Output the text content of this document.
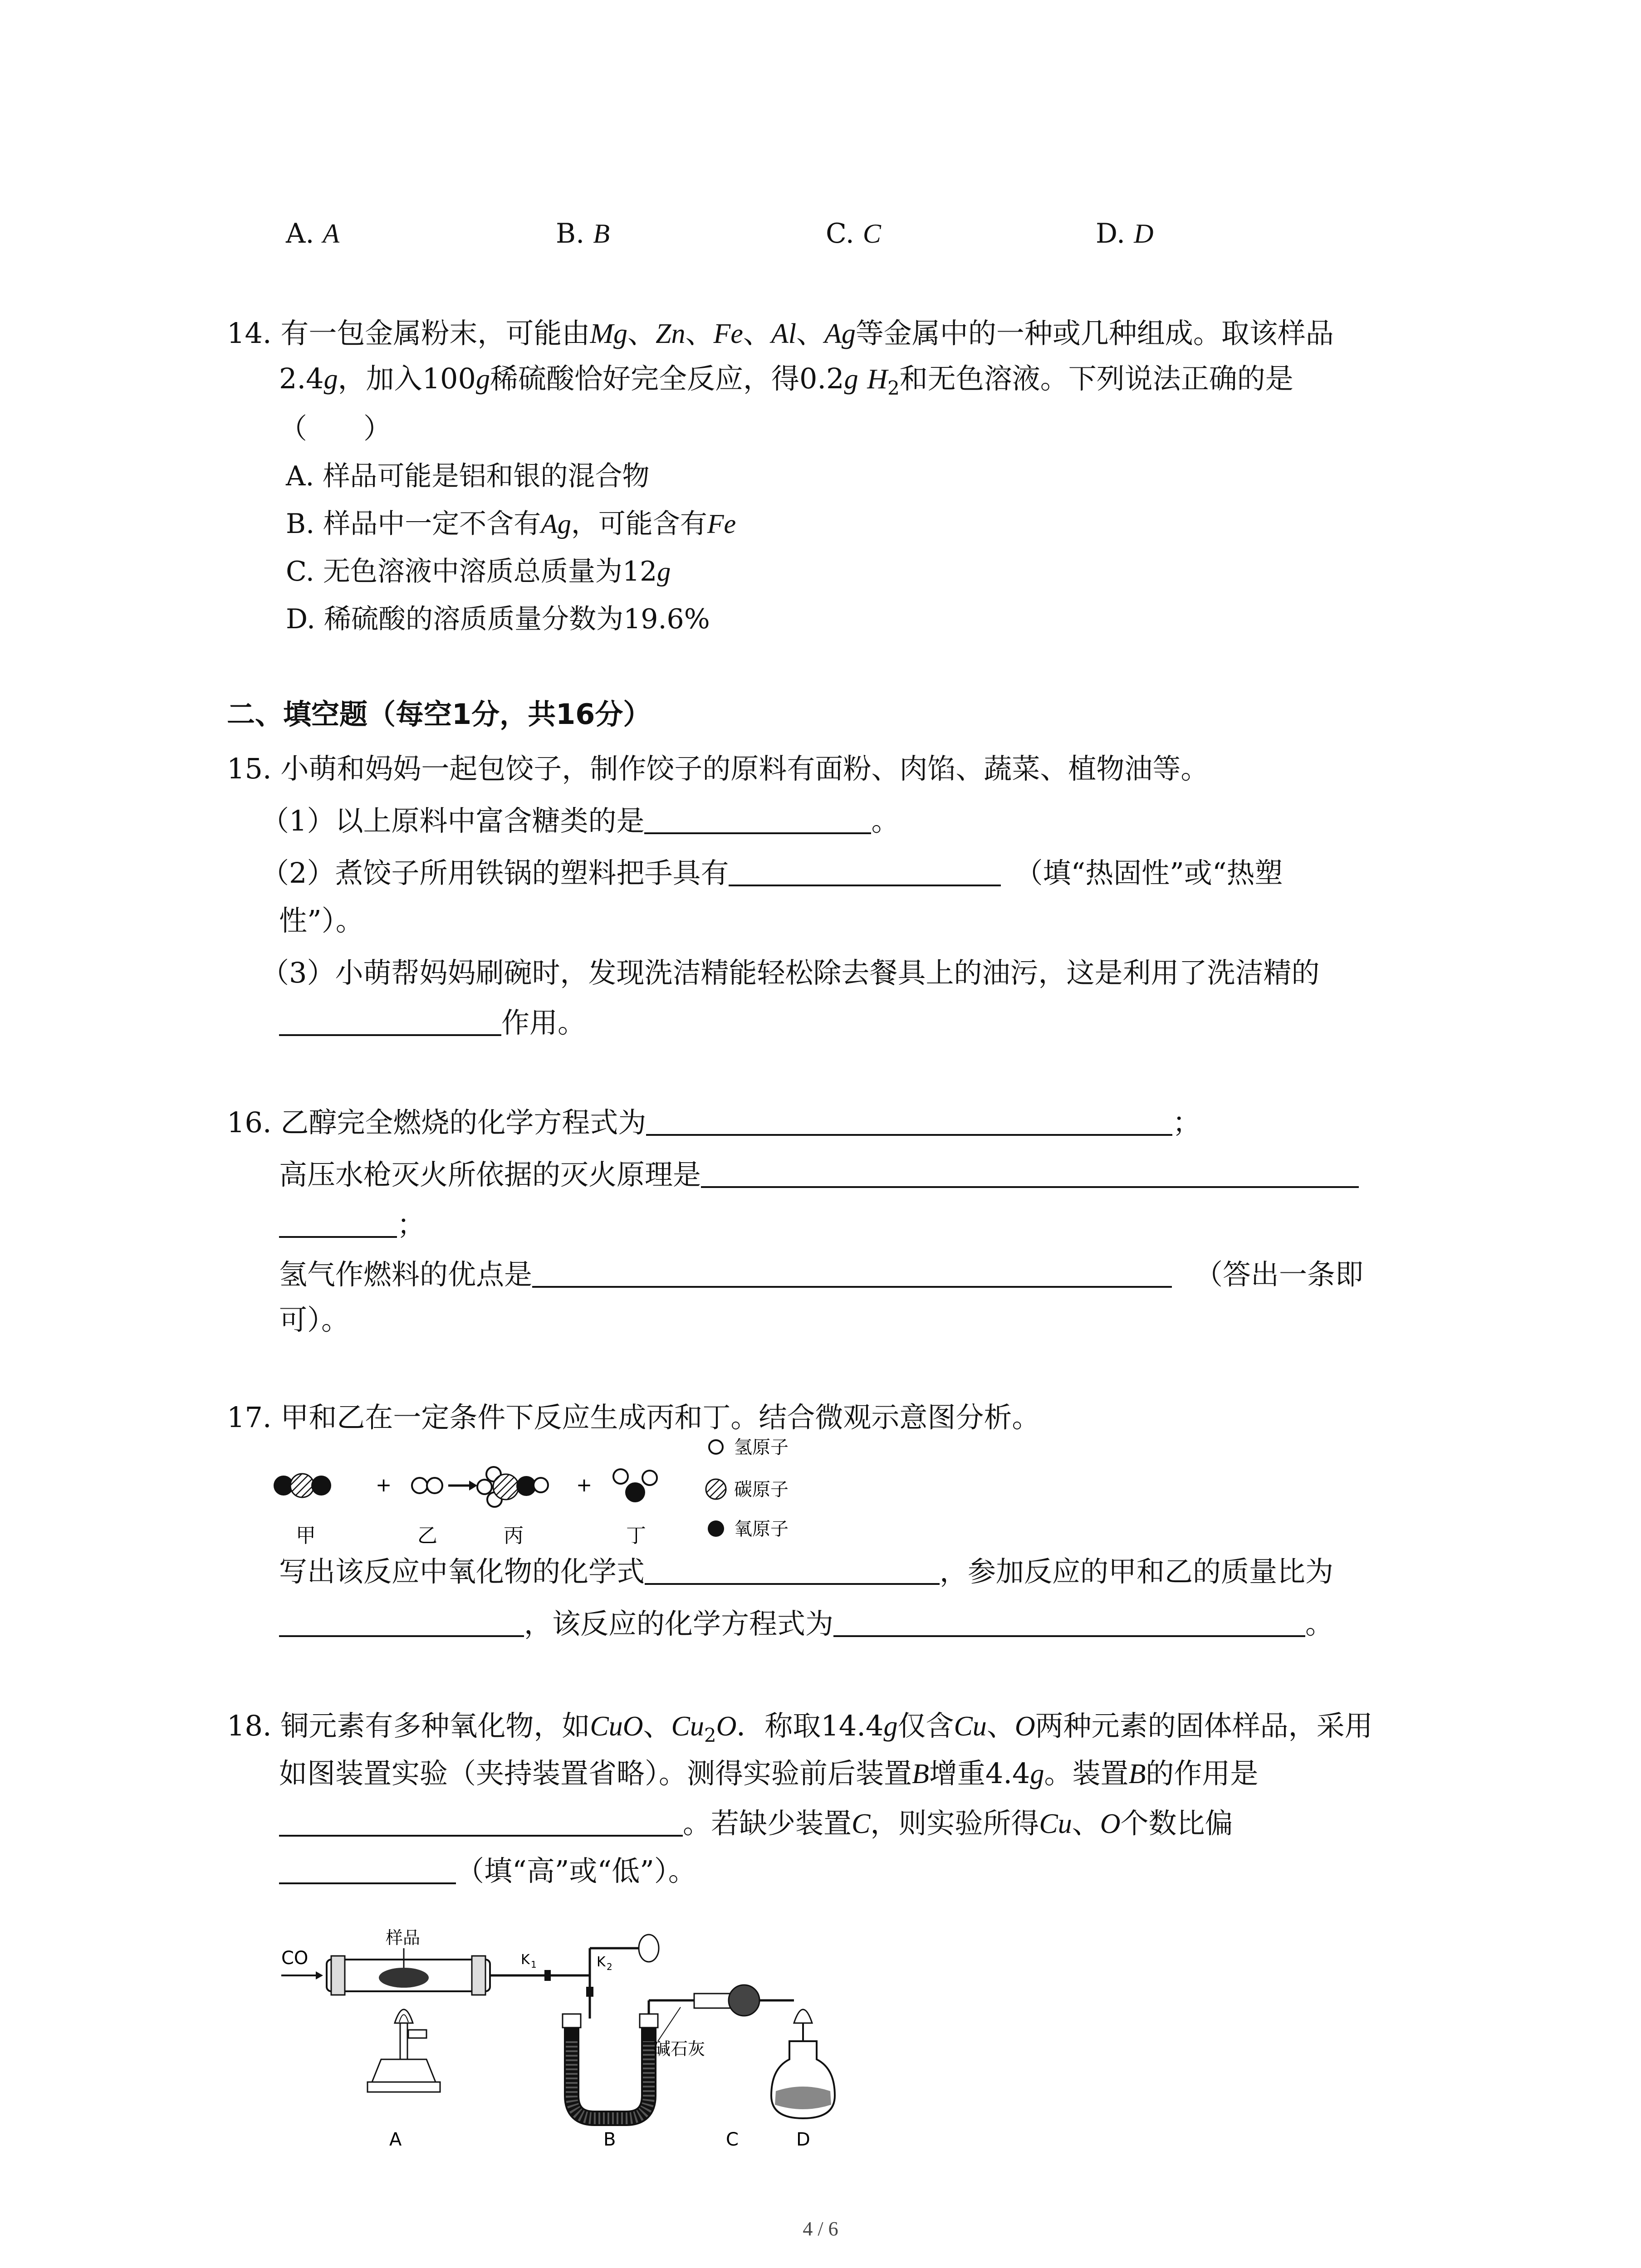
A. A	B. B	C. C	D. D
14. 有一包金属粉末，可能由Mg、Zn、Fe、Al、Ag等金属中的一种或几种组成。取该样品
2.4g，加入100g稀硫酸恰好完全反应，得0.2g $H_2$和无色溶液。下列说法正确的是
（　　）
A. 样品可能是铝和银的混合物
B. 样品中一定不含有Ag，可能含有Fe
C. 无色溶液中溶质总质量为12g
D. 稀硫酸的溶质质量分数为19.6%
二、填空题（每空1分，共16分）
15. 小萌和妈妈一起包饺子，制作饺子的原料有面粉、肉馅、蔬菜、植物油等。
（1）以上原料中富含糖类的是	。
（2）煮饺子所用铁锅的塑料把手具有	（填“热固性”或“热塑
性”）。
（3）小萌帮妈妈刷碗时，发现洗洁精能轻松除去餐具上的油污，这是利用了洗洁精的
作用。
16. 乙醇完全燃烧的化学方程式为	；
高压水枪灭火所依据的灭火原理是
；
氢气作燃料的优点是	（答出一条即
可）。
17. 甲和乙在一定条件下反应生成丙和丁。结合微观示意图分析。
+	+
甲	乙	丙	丁
氢原子
碳原子
氧原子
写出该反应中氧化物的化学式	，参加反应的甲和乙的质量比为
，该反应的化学方程式为	。
18. 铜元素有多种氧化物，如CuO、$Cu_2O$．称取14.4g仅含Cu、O两种元素的固体样品，采用
如图装置实验（夹持装置省略）。测得实验前后装置B增重4.4g。装置B的作用是
。若缺少装置C，则实验所得Cu、O个数比偏
（填“高”或“低”）。
CO
样品
A
K 1	K 2
碱石灰
B	C	D
4 / 6
